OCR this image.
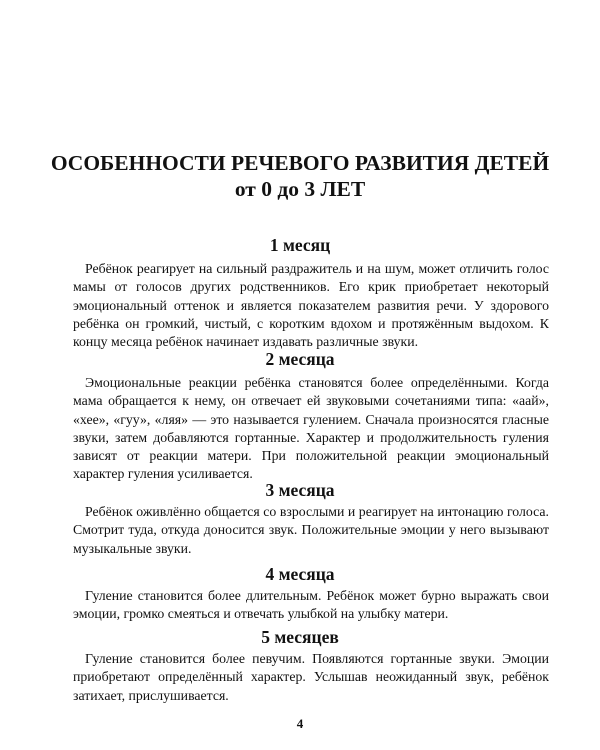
ОСОБЕННОСТИ РЕЧЕВОГО РАЗВИТИЯ ДЕТЕЙ
от 0 до 3 ЛЕТ
1 месяц

Ребёнок реагирует на сильный раздражитель и на шум, может отличить голос мамы от голосов других родственников. Его крик приобретает некоторый эмоциональный оттенок и является показателем развития речи. У здорового ребёнка он громкий, чистый, с коротким вдохом и протяжённым выдохом. К концу месяца ребёнок начинает издавать различные звуки.

2 месяца

Эмоциональные реакции ребёнка становятся более определёнными. Когда мама обращается к нему, он отвечает ей звуковыми сочетаниями типа: «аай», «хее», «гуу», «ляя» — это называется гулением. Сначала произносятся гласные звуки, затем добавляются гортанные. Характер и продолжительность гуления зависят от реакции матери. При положительной реакции эмоциональный характер гуления усиливается.

3 месяца

Ребёнок оживлённо общается со взрослыми и реагирует на интонацию голоса. Смотрит туда, откуда доносится звук. Положительные эмоции у него вызывают музыкальные звуки.

4 месяца

Гуление становится более длительным. Ребёнок может бурно выражать свои эмоции, громко смеяться и отвечать улыбкой на улыбку матери.

5 месяцев

Гуление становится более певучим. Появляются гортанные звуки. Эмоции приобретают определённый характер. Услышав неожиданный звук, ребёнок затихает, прислушивается.

4
